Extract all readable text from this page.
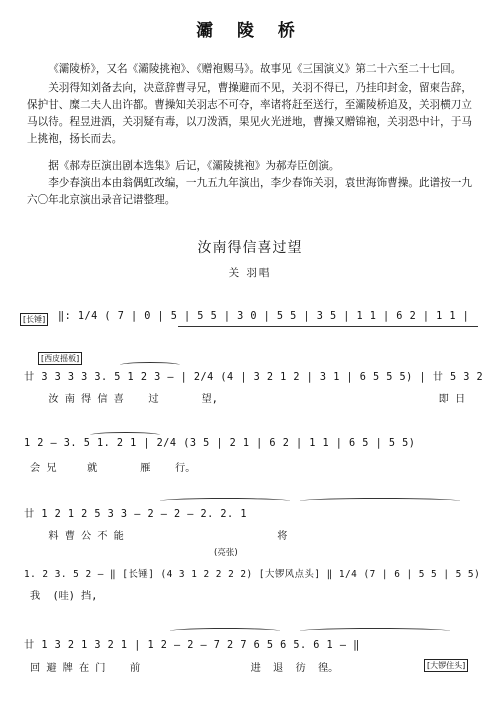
灞 陵 桥

《灞陵桥》，又名《灞陵挑袍》、《赠袍赐马》。故事见《三国演义》第二十六至二十七回。

关羽得知刘备去向，决意辞曹寻兄，曹操避而不见，关羽不得已，乃挂印封金，留柬告辞，保护甘、糜二夫人出许都。曹操知关羽志不可夺，率诸将赶至送行，至灞陵桥追及，关羽横刀立马以待。程昱进酒，关羽疑有毒，以刀泼酒，果见火光迸地，曹操又赠锦袍，关羽恐中计，于马上挑袍，扬长而去。

据《郝寿臣演出剧本选集》后记，《灞陵挑袍》为郝寿臣创演。

李少春演出本由翁偶虹改编，一九五九年演出，李少春饰关羽，袁世海饰曹操。此谱按一九六〇年北京演出录音记谱整理。

汝南得信喜过望
关 羽唱
[长锤] ‖: 1/4 ( 7 | 0 | 5 | 5 5 | 3 0 | 5 5 | 3 5 | 1 1 | 6 2 | 1 1 |
[西皮摇板]
廿 3 3 3 3 3. 5 1 2 3 – | 2/4 (4 | 3 2 1 2 | 3 1 | 6 5 5 5) | 廿 5 3 2
汝 南 得 信 喜    过       望,                                    即 日
1 2 – 3. 5 1. 2 1 | 2/4 (3 5 | 2 1 | 6 2 | 1 1 | 6 5 | 5 5)
会 兄     就       雁    行。
廿 1 2 1 2 5 3 3 – 2 – 2 – 2. 2. 1
料 曹 公 不 能                         将
(亮张)
1. 2 3. 5 2 – ‖ [长锤] (4 3 1 2 2 2 2) [大锣风点头] ‖ 1/4 (7 | 6 | 5 5 | 5 5)
我  (哇) 挡,
廿 1 3 2 1 3 2 1 | 1 2 – 2 – 7 2 7 6 5 6 5. 6 1 – ‖
回 避 牌 在 门    前                  进  退  彷  徨。	[大锣住头]
